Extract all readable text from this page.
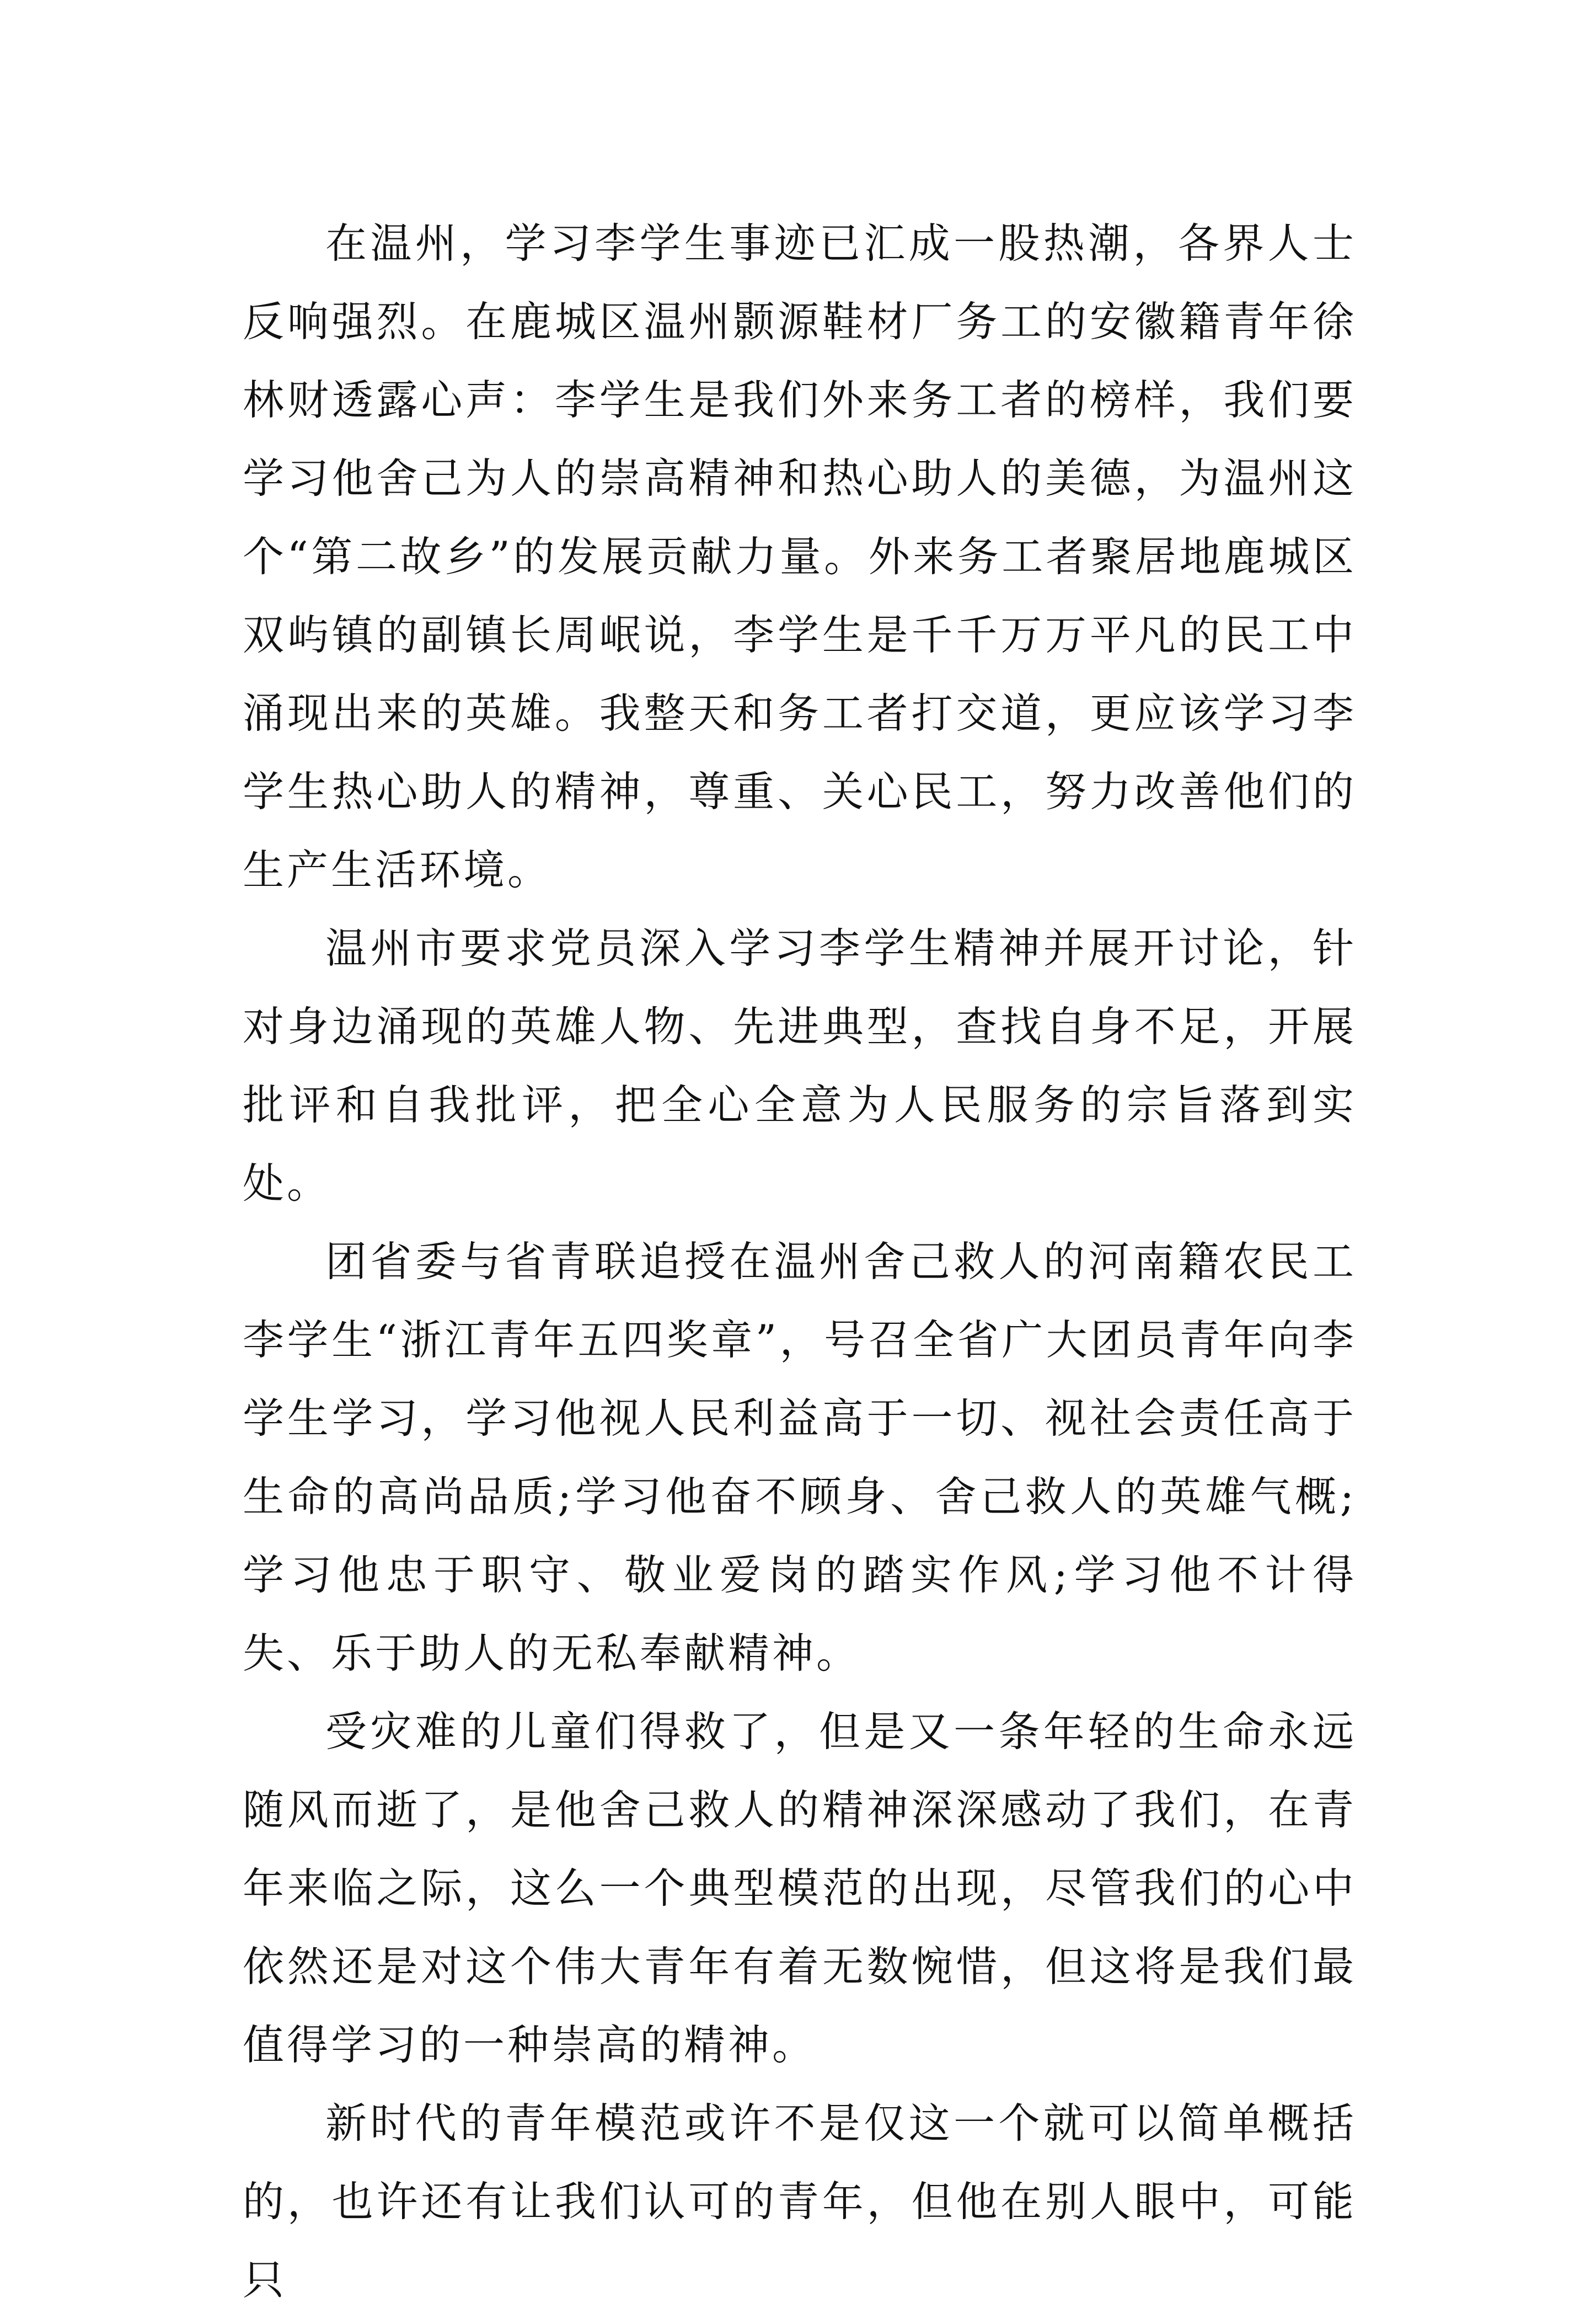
在温州，学习李学生事迹已汇成一股热潮，各界人士反响强烈。在鹿城区温州颢源鞋材厂务工的安徽籍青年徐林财透露心声：李学生是我们外来务工者的榜样，我们要学习他舍己为人的崇高精神和热心助人的美德，为温州这个“第二故乡”的发展贡献力量。外来务工者聚居地鹿城区双屿镇的副镇长周岷说，李学生是千千万万平凡的民工中涌现出来的英雄。我整天和务工者打交道，更应该学习李学生热心助人的精神，尊重、关心民工，努力改善他们的生产生活环境。

温州市要求党员深入学习李学生精神并展开讨论，针对身边涌现的英雄人物、先进典型，查找自身不足，开展批评和自我批评，把全心全意为人民服务的宗旨落到实处。

团省委与省青联追授在温州舍己救人的河南籍农民工李学生“浙江青年五四奖章”，号召全省广大团员青年向李学生学习，学习他视人民利益高于一切、视社会责任高于生命的高尚品质;学习他奋不顾身、舍己救人的英雄气概;学习他忠于职守、敬业爱岗的踏实作风;学习他不计得失、乐于助人的无私奉献精神。

受灾难的儿童们得救了，但是又一条年轻的生命永远随风而逝了，是他舍己救人的精神深深感动了我们，在青年来临之际，这么一个典型模范的出现，尽管我们的心中依然还是对这个伟大青年有着无数惋惜，但这将是我们最值得学习的一种崇高的精神。

新时代的青年模范或许不是仅这一个就可以简单概括的，也许还有让我们认可的青年，但他在别人眼中，可能只
